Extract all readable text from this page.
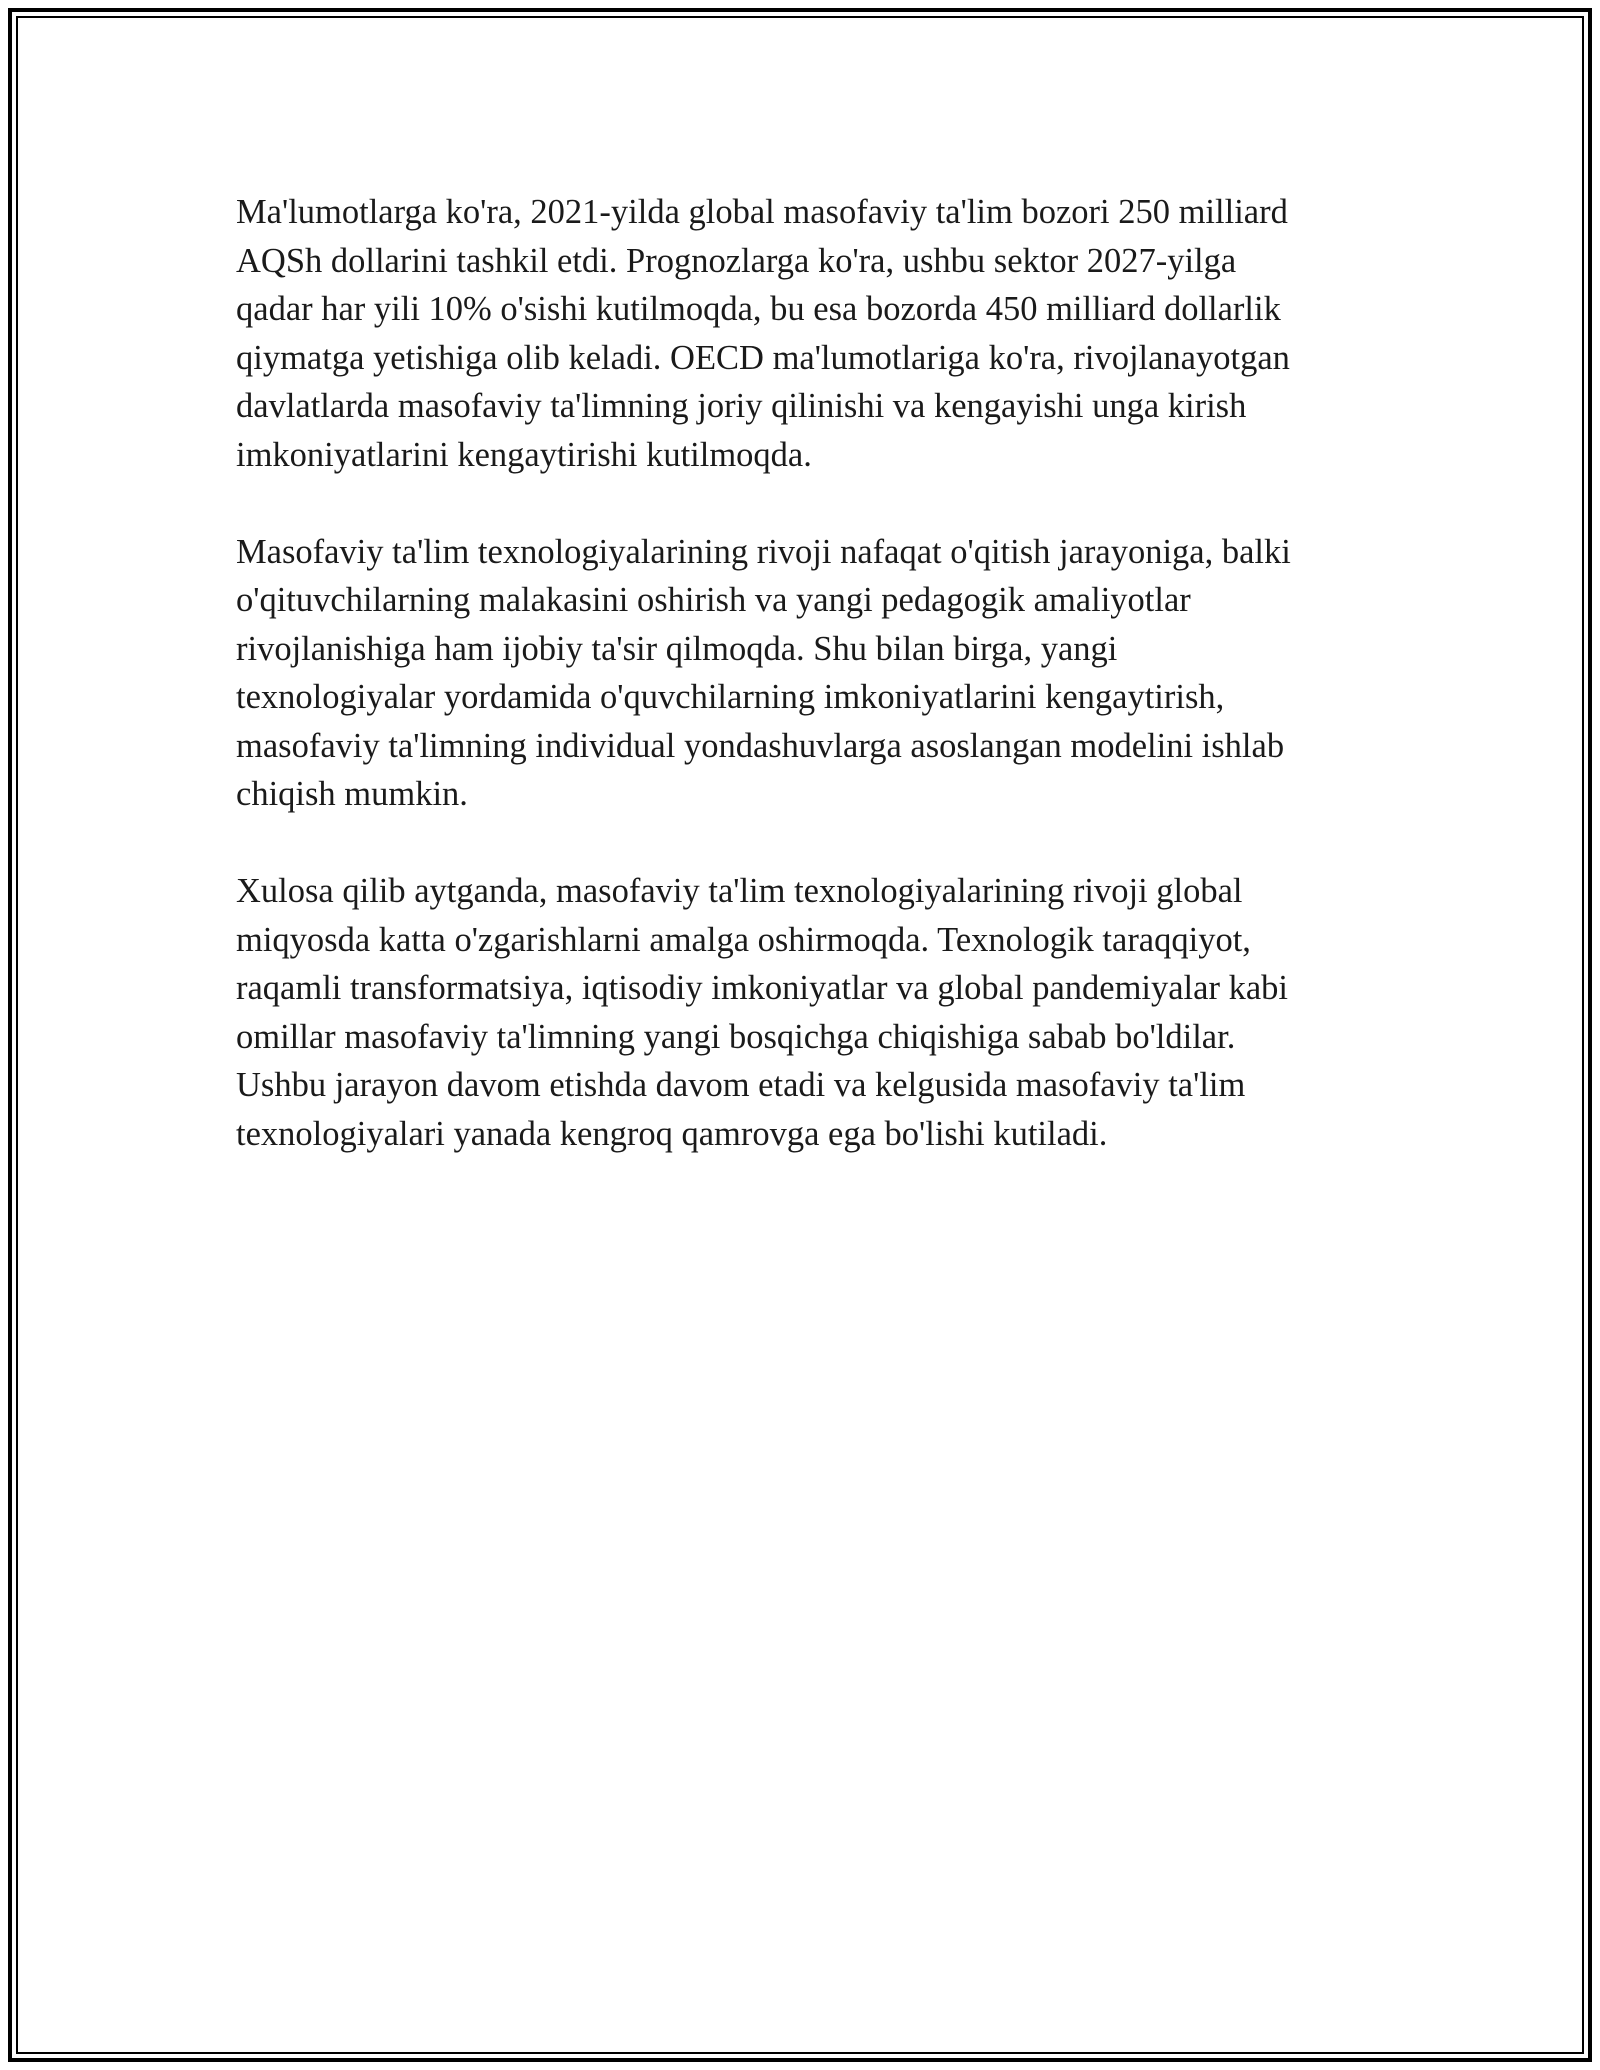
Ma'lumotlarga ko'ra, 2021-yilda global masofaviy ta'lim bozori 250 milliard
AQSh dollarini tashkil etdi. Prognozlarga ko'ra, ushbu sektor 2027-yilga
qadar har yili 10% o'sishi kutilmoqda, bu esa bozorda 450 milliard dollarlik
qiymatga yetishiga olib keladi. OECD ma'lumotlariga ko'ra, rivojlanayotgan
davlatlarda masofaviy ta'limning joriy qilinishi va kengayishi unga kirish
imkoniyatlarini kengaytirishi kutilmoqda.

Masofaviy ta'lim texnologiyalarining rivoji nafaqat o'qitish jarayoniga, balki
o'qituvchilarning malakasini oshirish va yangi pedagogik amaliyotlar
rivojlanishiga ham ijobiy ta'sir qilmoqda. Shu bilan birga, yangi
texnologiyalar yordamida o'quvchilarning imkoniyatlarini kengaytirish,
masofaviy ta'limning individual yondashuvlarga asoslangan modelini ishlab
chiqish mumkin.

Xulosa qilib aytganda, masofaviy ta'lim texnologiyalarining rivoji global
miqyosda katta o'zgarishlarni amalga oshirmoqda. Texnologik taraqqiyot,
raqamli transformatsiya, iqtisodiy imkoniyatlar va global pandemiyalar kabi
omillar masofaviy ta'limning yangi bosqichga chiqishiga sabab bo'ldilar.
Ushbu jarayon davom etishda davom etadi va kelgusida masofaviy ta'lim
texnologiyalari yanada kengroq qamrovga ega bo'lishi kutiladi.
